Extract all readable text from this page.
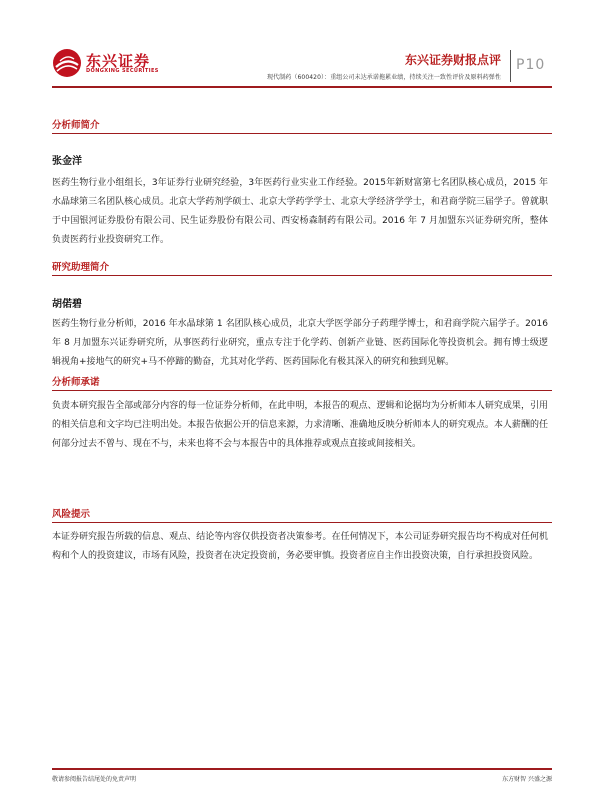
东兴证券
DONGXING SECURITIES
东兴证券财报点评
现代制药（600420）：重组公司未达承诺拖累业绩，持续关注一致性评价及原料药弹性
P10
分析师简介
张金洋
医药生物行业小组组长，3年证券行业研究经验，3年医药行业实业工作经验。2015年新财富第七名团队核心成员，2015 年水晶球第三名团队核心成员。北京大学药剂学硕士、北京大学药学学士、北京大学经济学学士，和君商学院三届学子。曾就职于中国银河证券股份有限公司、民生证券股份有限公司、西安杨森制药有限公司。2016 年 7 月加盟东兴证券研究所，整体负责医药行业投资研究工作。
研究助理简介
胡偌碧
医药生物行业分析师，2016 年水晶球第 1 名团队核心成员，北京大学医学部分子药理学博士，和君商学院六届学子。2016 年 8 月加盟东兴证券研究所，从事医药行业研究，重点专注于化学药、创新产业链、医药国际化等投资机会。拥有博士级逻辑视角+接地气的研究+马不停蹄的勤奋，尤其对化学药、医药国际化有极其深入的研究和独到见解。
分析师承诺
负责本研究报告全部或部分内容的每一位证券分析师，在此申明，本报告的观点、逻辑和论据均为分析师本人研究成果，引用的相关信息和文字均已注明出处。本报告依据公开的信息来源，力求清晰、准确地反映分析师本人的研究观点。本人薪酬的任何部分过去不曾与、现在不与，未来也将不会与本报告中的具体推荐或观点直接或间接相关。
风险提示
本证券研究报告所载的信息、观点、结论等内容仅供投资者决策参考。在任何情况下，本公司证券研究报告均不构成对任何机构和个人的投资建议，市场有风险，投资者在决定投资前，务必要审慎。投资者应自主作出投资决策，自行承担投资风险。
敬请参阅报告结尾处的免责声明	东方财智 兴盛之源
